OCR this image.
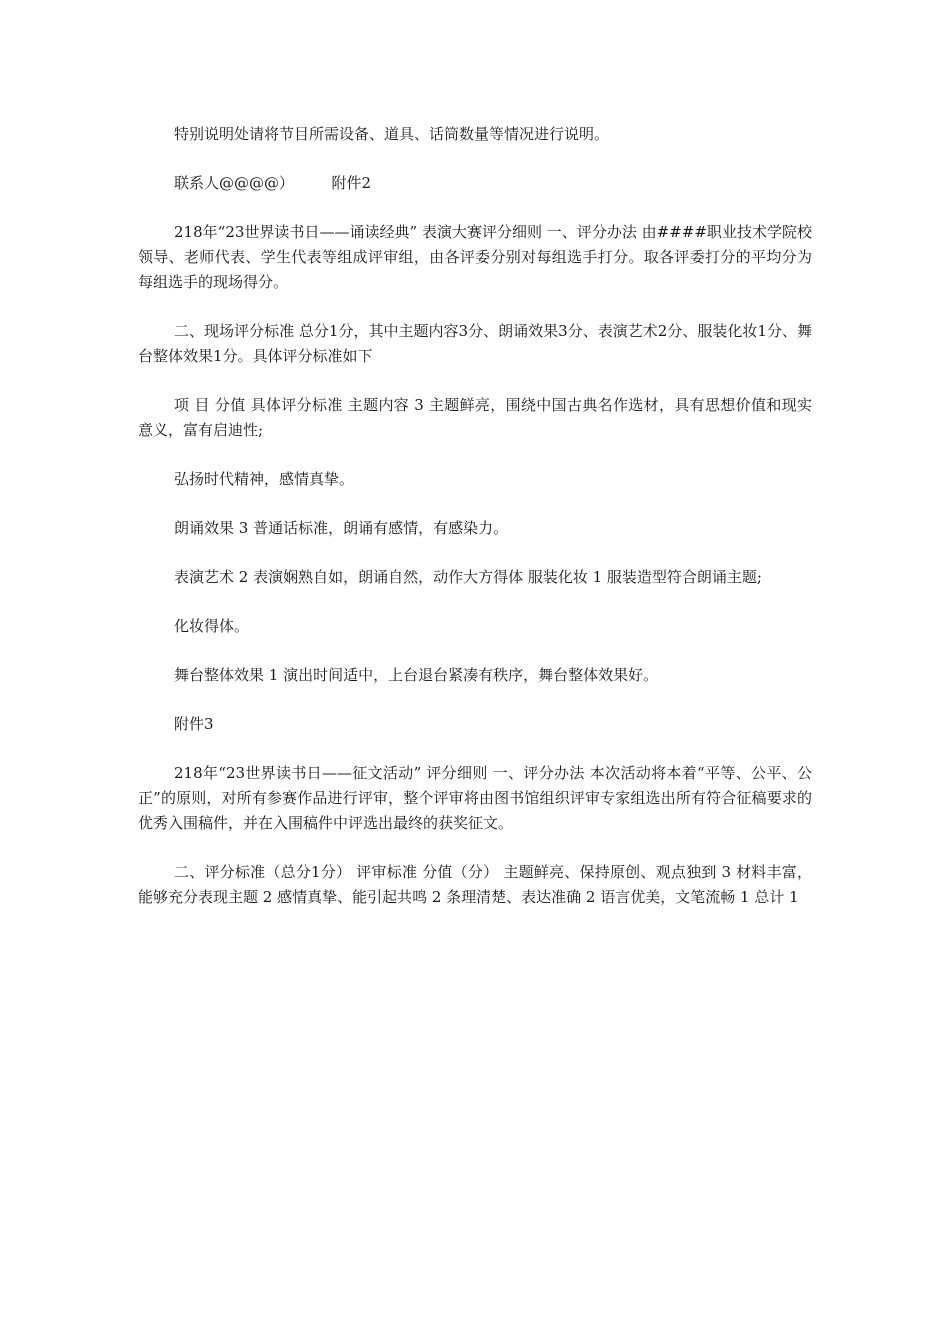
特别说明处请将节目所需设备、道具、话筒数量等情况进行说明。

联系人@@@@）　　　附件2

218年“23世界读书日——诵读经典” 表演大赛评分细则 一、评分办法 由####职业技术学院校领导、老师代表、学生代表等组成评审组，由各评委分别对每组选手打分。取各评委打分的平均分为每组选手的现场得分。

二、现场评分标准 总分1分，其中主题内容3分、朗诵效果3分、表演艺术2分、服装化妆1分、舞台整体效果1分。具体评分标准如下

项 目 分值 具体评分标准 主题内容 3 主题鲜亮，围绕中国古典名作选材，具有思想价值和现实意义，富有启迪性;

弘扬时代精神，感情真挚。

朗诵效果 3 普通话标准，朗诵有感情，有感染力。

表演艺术 2 表演娴熟自如，朗诵自然，动作大方得体 服装化妆 1 服装造型符合朗诵主题;

化妆得体。

舞台整体效果 1 演出时间适中，上台退台紧凑有秩序，舞台整体效果好。

附件3

218年“23世界读书日——征文活动” 评分细则 一、评分办法 本次活动将本着“平等、公平、公正”的原则，对所有参赛作品进行评审，整个评审将由图书馆组织评审专家组选出所有符合征稿要求的优秀入围稿件，并在入围稿件中评选出最终的获奖征文。

二、评分标准（总分1分） 评审标准 分值（分） 主题鲜亮、保持原创、观点独到 3 材料丰富，能够充分表现主题 2 感情真挚、能引起共鸣 2 条理清楚、表达准确 2 语言优美，文笔流畅 1 总计 1
